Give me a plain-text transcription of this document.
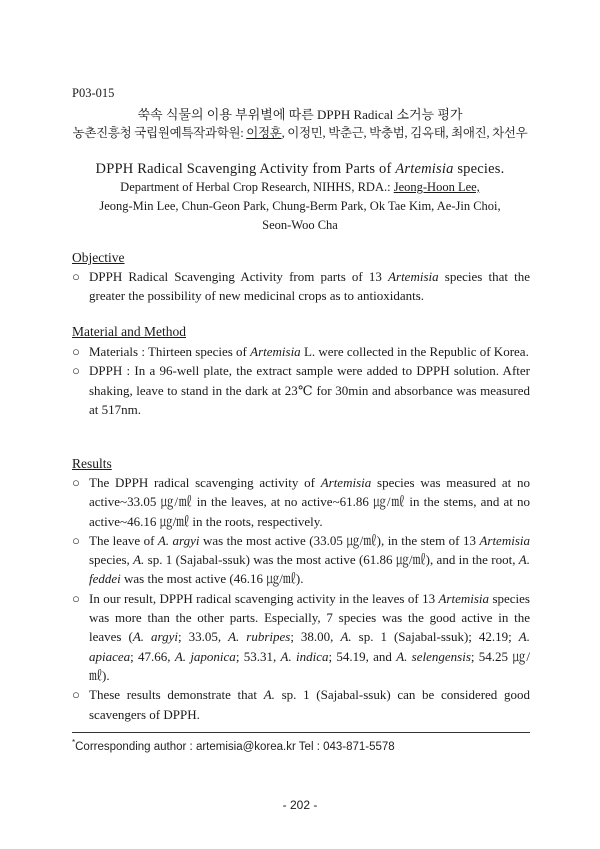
P03-015
쑥속 식물의 이용 부위별에 따른 DPPH Radical 소거능 평가
농촌진흥청 국립원예특작과학원: 이정훈, 이정민, 박춘근, 박충범, 김옥태, 최애진, 차선우
DPPH Radical Scavenging Activity from Parts of Artemisia species.
Department of Herbal Crop Research, NIHHS, RDA.: Jeong-Hoon Lee,
Jeong-Min Lee, Chun-Geon Park, Chung-Berm Park, Ok Tae Kim, Ae-Jin Choi,
Seon-Woo Cha
Objective
○ DPPH Radical Scavenging Activity from parts of 13 Artemisia species that the greater the possibility of new medicinal crops as to antioxidants.
Material and Method
○ Materials : Thirteen species of Artemisia L. were collected in the Republic of Korea.
○ DPPH : In a 96-well plate, the extract sample were added to DPPH solution. After shaking, leave to stand in the dark at 23℃ for 30min and absorbance was measured at 517nm.
Results
○ The DPPH radical scavenging activity of Artemisia species was measured at no active~33.05 ㎍/㎖ in the leaves, at no active~61.86 ㎍/㎖ in the stems, and at no active~46.16 ㎍/㎖ in the roots, respectively.
○ The leave of A. argyi was the most active (33.05 ㎍/㎖), in the stem of 13 Artemisia species, A. sp. 1 (Sajabal-ssuk) was the most active (61.86 ㎍/㎖), and in the root, A. feddei was the most active (46.16 ㎍/㎖).
○ In our result, DPPH radical scavenging activity in the leaves of 13 Artemisia species was more than the other parts. Especially, 7 species was the good active in the leaves (A. argyi; 33.05, A. rubripes; 38.00, A. sp. 1 (Sajabal-ssuk); 42.19; A. apiacea; 47.66, A. japonica; 53.31, A. indica; 54.19, and A. selengensis; 54.25 ㎍/㎖).
○ These results demonstrate that A. sp. 1 (Sajabal-ssuk) can be considered good scavengers of DPPH.
*Corresponding author : artemisia@korea.kr Tel : 043-871-5578
- 202 -
